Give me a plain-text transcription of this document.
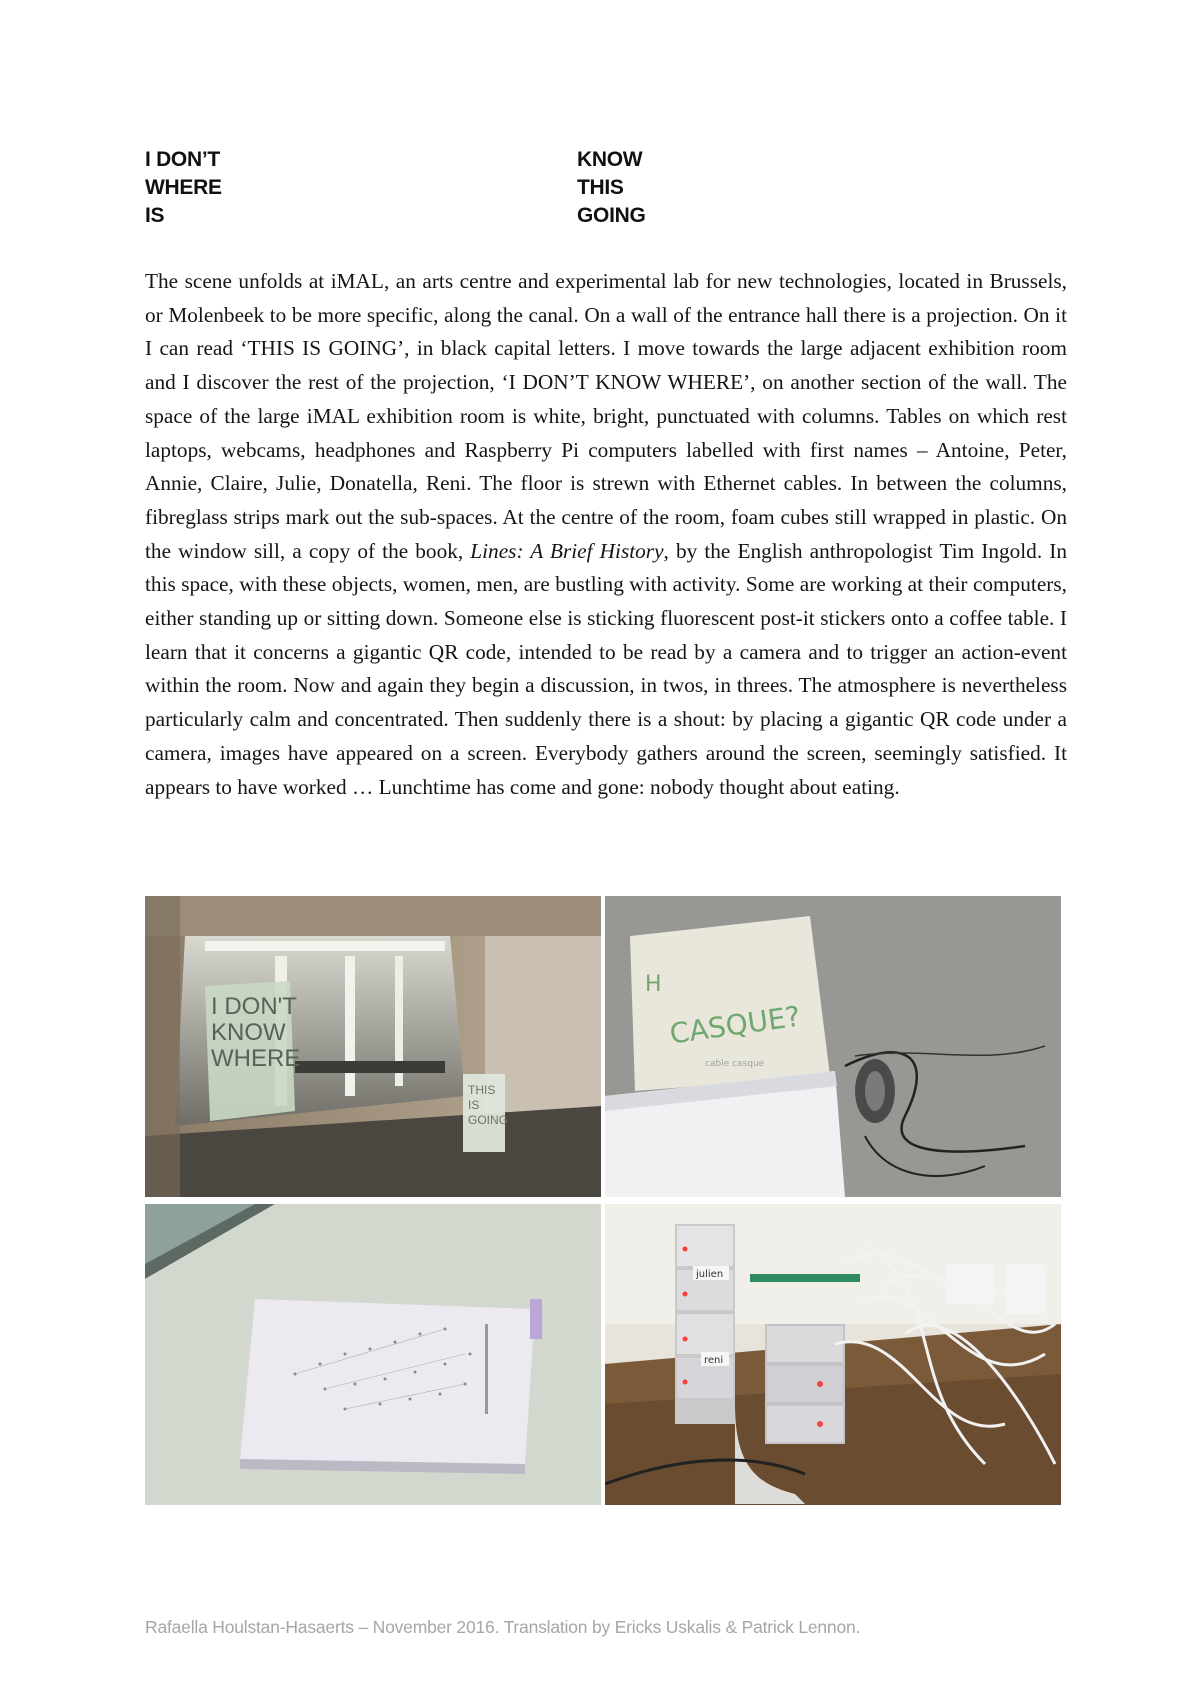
I DON’T
WHERE
IS
KNOW
THIS
GOING

The scene unfolds at iMAL, an arts centre and experimental lab for new technologies, located in Brussels, or Molenbeek to be more specific, along the canal. On a wall of the entrance hall there is a projection. On it I can read ‘THIS IS GOING’, in black capital letters. I move towards the large adjacent exhibition room and I discover the rest of the projection, ‘I DON’T KNOW WHERE’, on another section of the wall. The space of the large iMAL exhibition room is white, bright, punctuated with columns. Tables on which rest laptops, webcams, headphones and Raspberry Pi computers labelled with first names – Antoine, Peter, Annie, Claire, Julie, Donatella, Reni. The floor is strewn with Ethernet cables. In between the columns, fibreglass strips mark out the sub-spaces. At the centre of the room, foam cubes still wrapped in plastic. On the window sill, a copy of the book, Lines: A Brief History, by the English anthropologist Tim Ingold. In this space, with these objects, women, men, are bustling with activity. Some are working at their computers, either standing up or sitting down. Someone else is sticking fluorescent post-it stickers onto a coffee table. I learn that it concerns a gigantic QR code, intended to be read by a camera and to trigger an action-event within the room. Now and again they begin a discussion, in twos, in threes. The atmosphere is nevertheless particularly calm and concentrated. Then suddenly there is a shout: by placing a gigantic QR code under a camera, images have appeared on a screen. Everybody gathers around the screen, seemingly satisfied. It appears to have worked … Lunchtime has come and gone: nobody thought about eating.

I DON'T
KNOW
WHERE
THIS
IS
GOING
H
CASQUE?
cable casque
julien
reni
Rafaella Houlstan-Hasaerts – November 2016. Translation by Ericks Uskalis & Patrick Lennon.
